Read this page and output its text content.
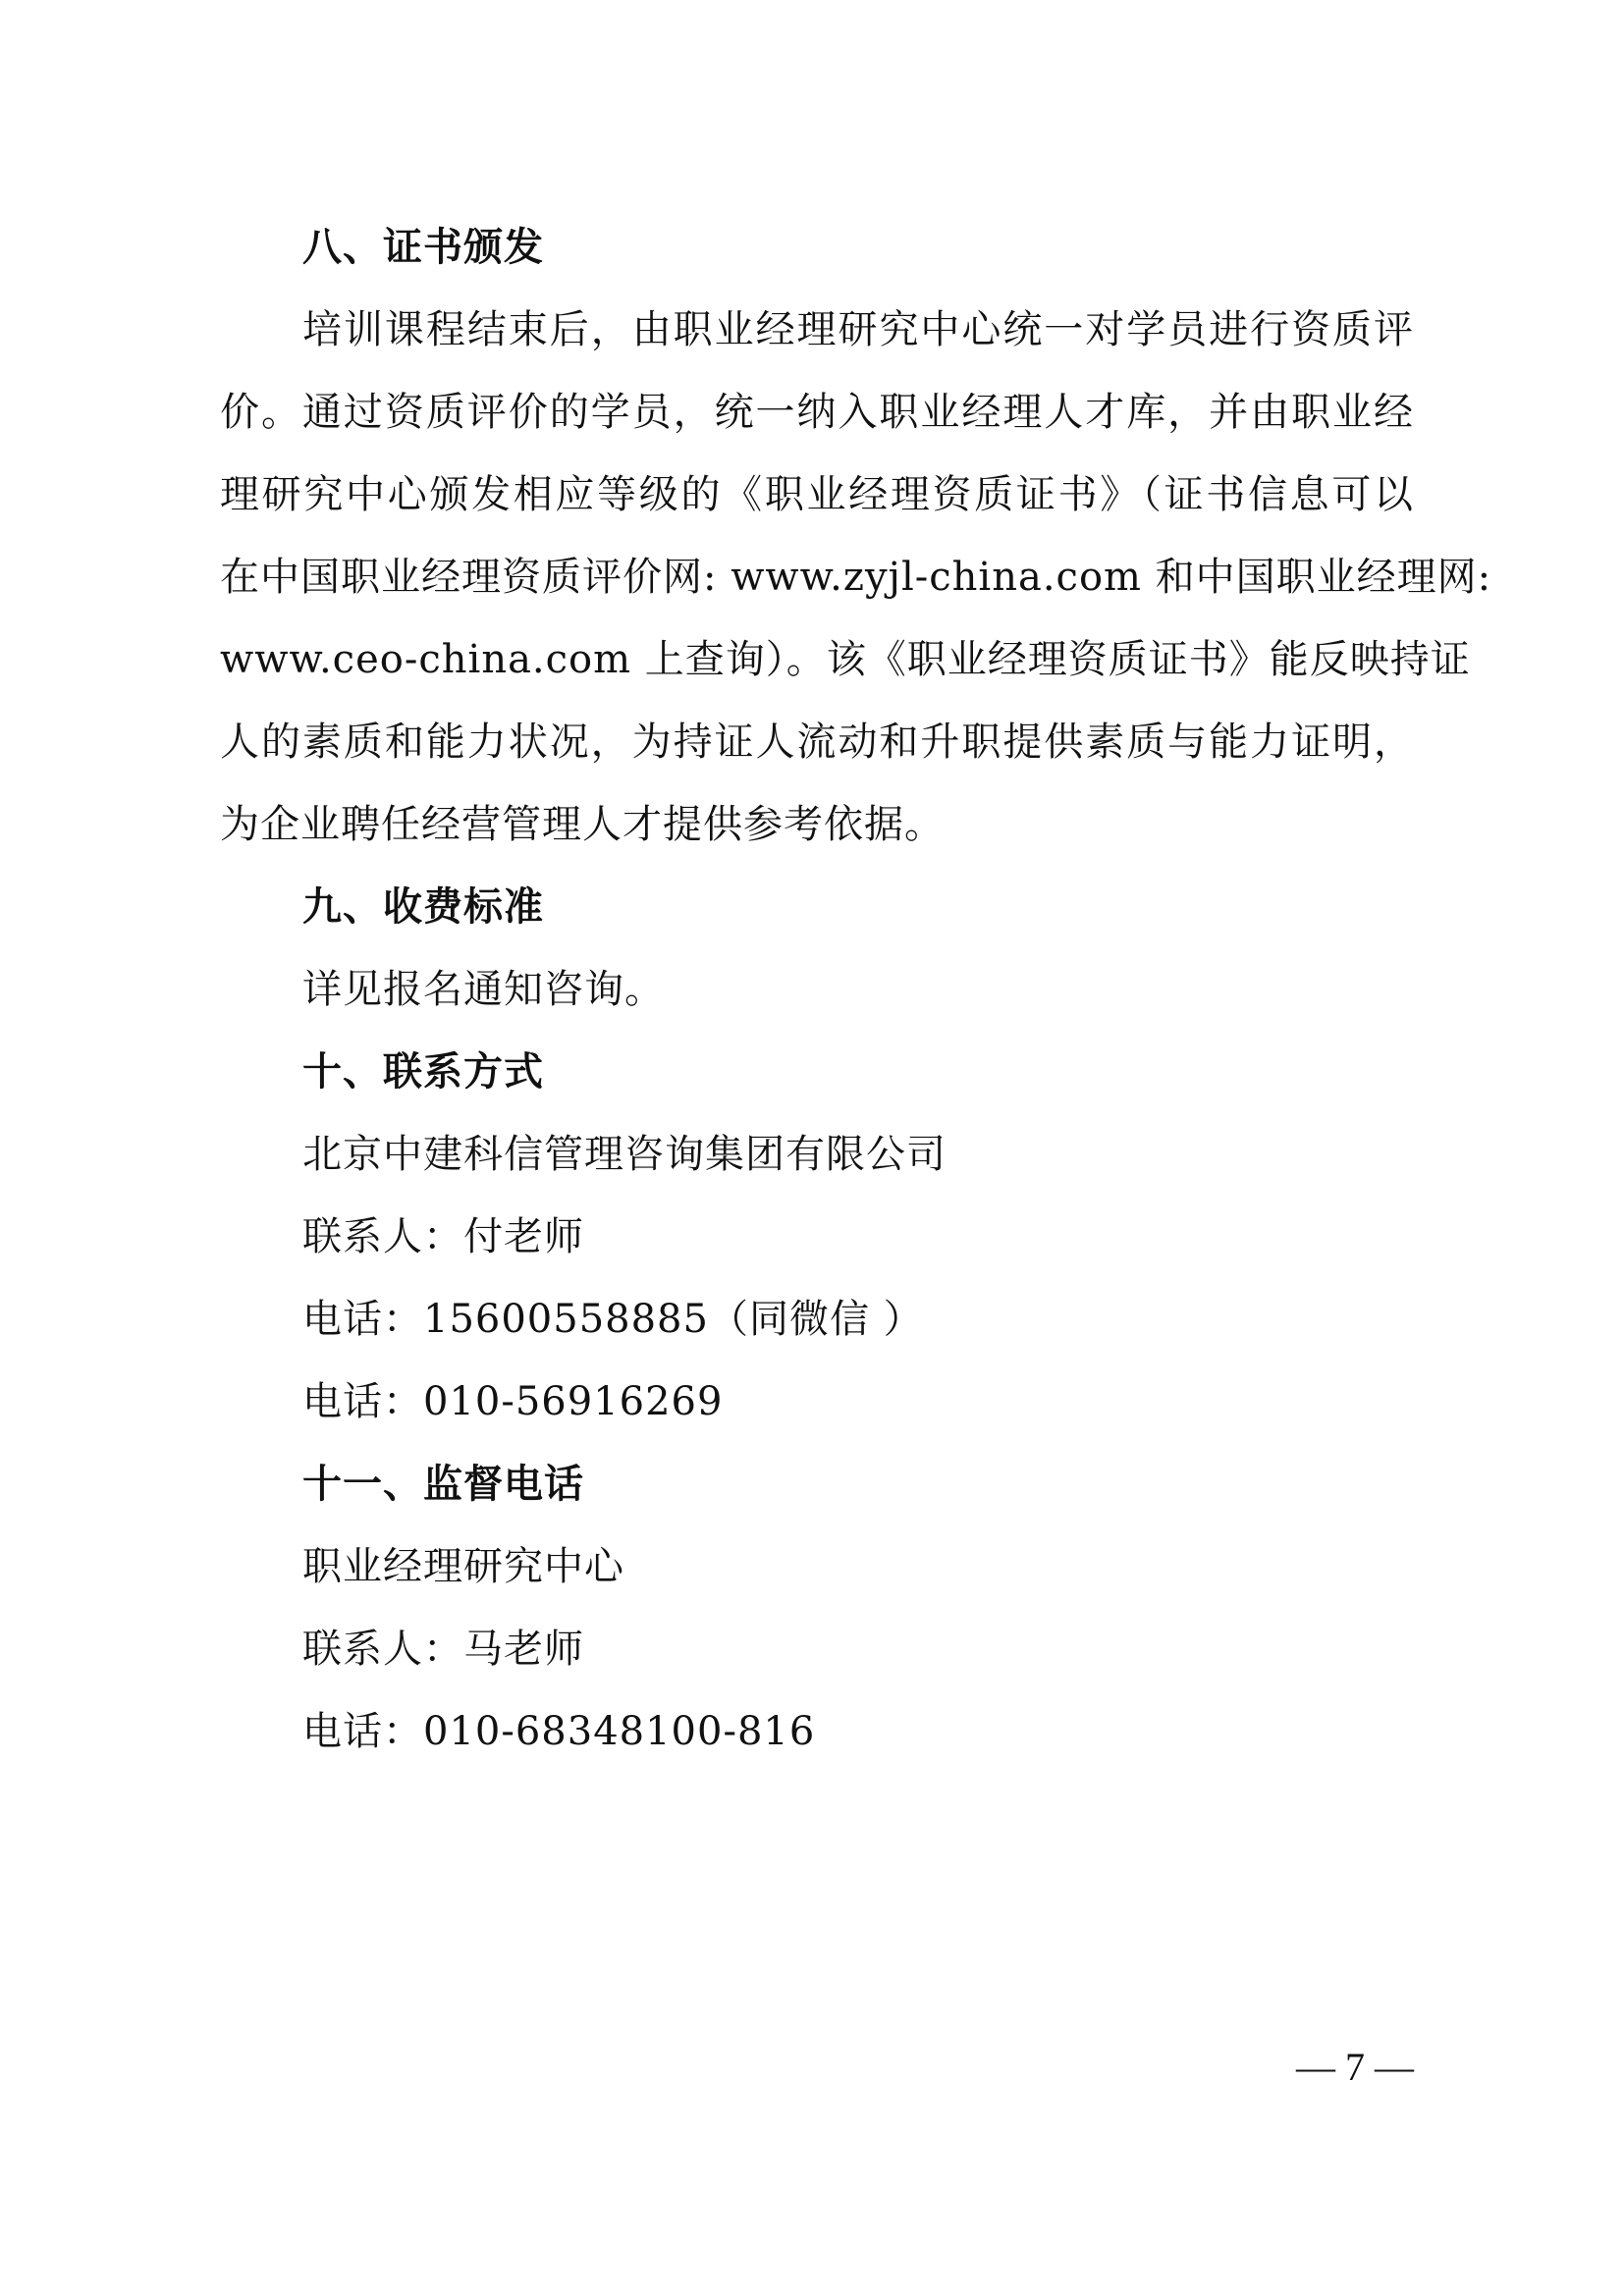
八、证书颁发
培训课程结束后，由职业经理研究中心统一对学员进行资质评
价。通过资质评价的学员，统一纳入职业经理人才库，并由职业经
理研究中心颁发相应等级的《职业经理资质证书》（证书信息可以
在中国职业经理资质评价网: www.zyjl-china.com 和中国职业经理网:
www.ceo-china.com 上查询）。该《职业经理资质证书》能反映持证
人的素质和能力状况，为持证人流动和升职提供素质与能力证明，
为企业聘任经营管理人才提供参考依据。
九、收费标准
详见报名通知咨询。
十、联系方式
北京中建科信管理咨询集团有限公司
联系人：付老师
电话：15600558885（同微信 ）
电话：010-56916269
十一、监督电话
职业经理研究中心
联系人：马老师
电话：010-68348100-816
— 7 —
